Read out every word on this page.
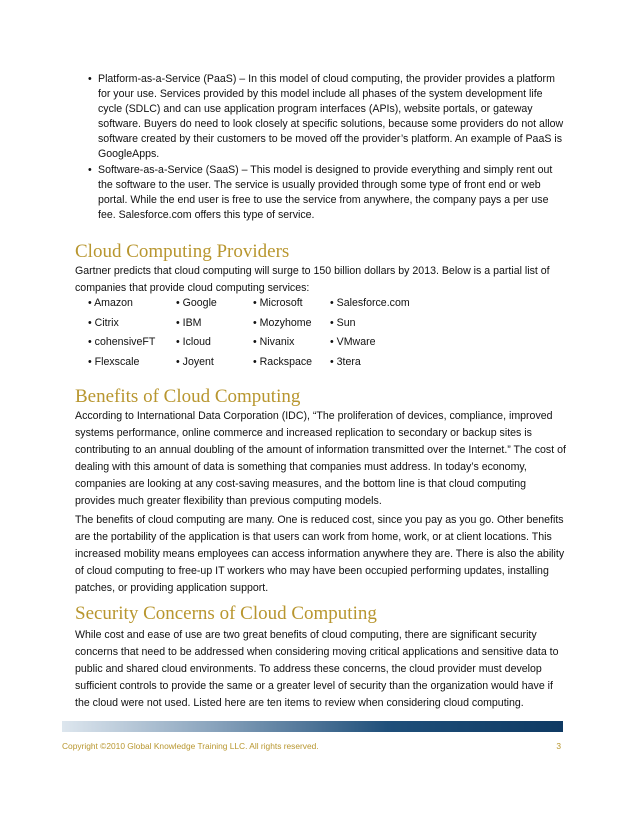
• Platform-as-a-Service (PaaS) – In this model of cloud computing, the provider provides a platform for your use. Services provided by this model include all phases of the system development life cycle (SDLC) and can use application program interfaces (APIs), website portals, or gateway software. Buyers do need to look closely at specific solutions, because some providers do not allow software created by their customers to be moved off the provider’s platform. An example of PaaS is GoogleApps.
• Software-as-a-Service (SaaS) – This model is designed to provide everything and simply rent out the software to the user. The service is usually provided through some type of front end or web portal. While the end user is free to use the service from anywhere, the company pays a per use fee. Salesforce.com offers this type of service.
Cloud Computing Providers

Gartner predicts that cloud computing will surge to 150 billion dollars by 2013. Below is a partial list of companies that provide cloud computing services:

• Amazon	• Google	• Microsoft	• Salesforce.com
• Citrix	• IBM	• Mozyhome	• Sun
• cohensiveFT	• Icloud	• Nivanix	• VMware
• Flexscale	• Joyent	• Rackspace	• 3tera
Benefits of Cloud Computing

According to International Data Corporation (IDC), “The proliferation of devices, compliance, improved systems performance, online commerce and increased replication to secondary or backup sites is contributing to an annual doubling of the amount of information transmitted over the Internet.” The cost of dealing with this amount of data is something that companies must address. In today’s economy, companies are looking at any cost-saving measures, and the bottom line is that cloud computing provides much greater flexibility than previous computing models.

The benefits of cloud computing are many. One is reduced cost, since you pay as you go. Other benefits are the portability of the application is that users can work from home, work, or at client locations. This increased mobility means employees can access information anywhere they are. There is also the ability of cloud computing to free-up IT workers who may have been occupied performing updates, installing patches, or providing application support.

Security Concerns of Cloud Computing

While cost and ease of use are two great benefits of cloud computing, there are significant security concerns that need to be addressed when considering moving critical applications and sensitive data to public and shared cloud environments. To address these concerns, the cloud provider must develop sufficient controls to provide the same or a greater level of security than the organization would have if the cloud were not used. Listed here are ten items to review when considering cloud computing.

Copyright ©2010 Global Knowledge Training LLC. All rights reserved.	3
